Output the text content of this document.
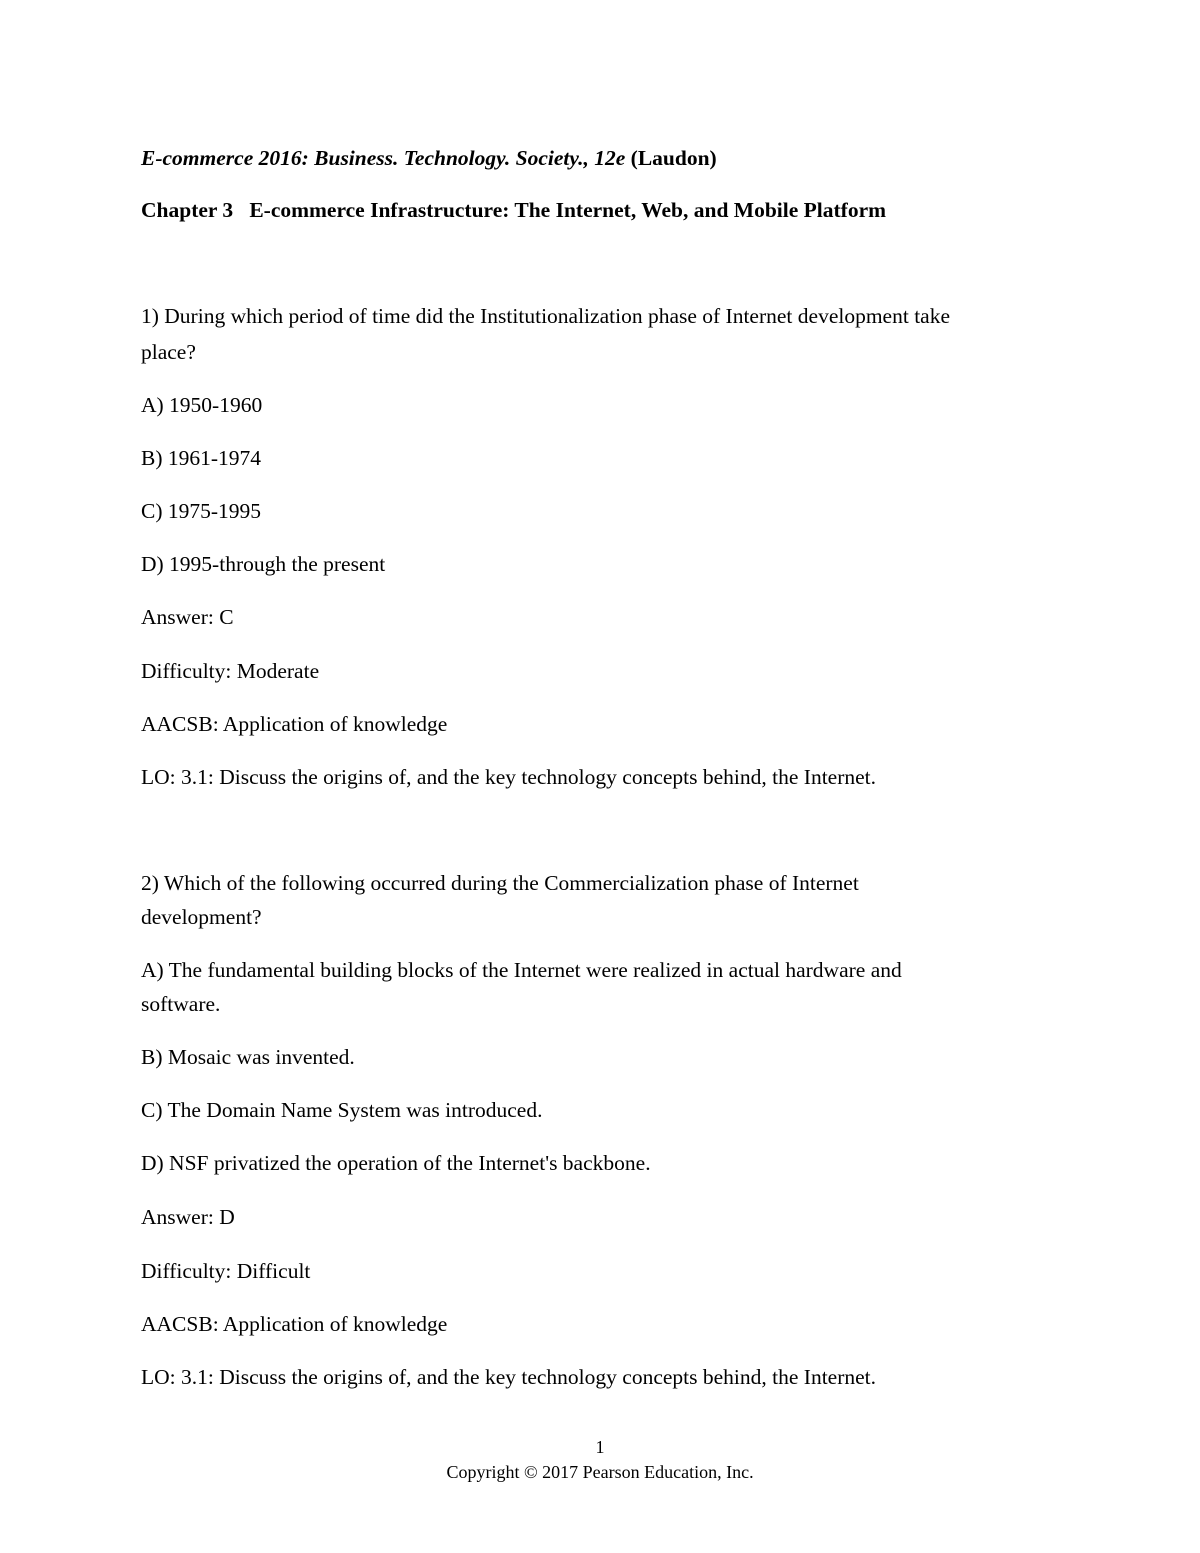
E-commerce 2016: Business. Technology. Society., 12e (Laudon)
Chapter 3 E-commerce Infrastructure: The Internet, Web, and Mobile Platform
1) During which period of time did the Institutionalization phase of Internet development take
place?
A) 1950-1960
B) 1961-1974
C) 1975-1995
D) 1995-through the present
Answer: C
Difficulty: Moderate
AACSB: Application of knowledge
LO: 3.1: Discuss the origins of, and the key technology concepts behind, the Internet.
2) Which of the following occurred during the Commercialization phase of Internet
development?
A) The fundamental building blocks of the Internet were realized in actual hardware and
software.
B) Mosaic was invented.
C) The Domain Name System was introduced.
D) NSF privatized the operation of the Internet's backbone.
Answer: D
Difficulty: Difficult
AACSB: Application of knowledge
LO: 3.1: Discuss the origins of, and the key technology concepts behind, the Internet.
1
Copyright © 2017 Pearson Education, Inc.
